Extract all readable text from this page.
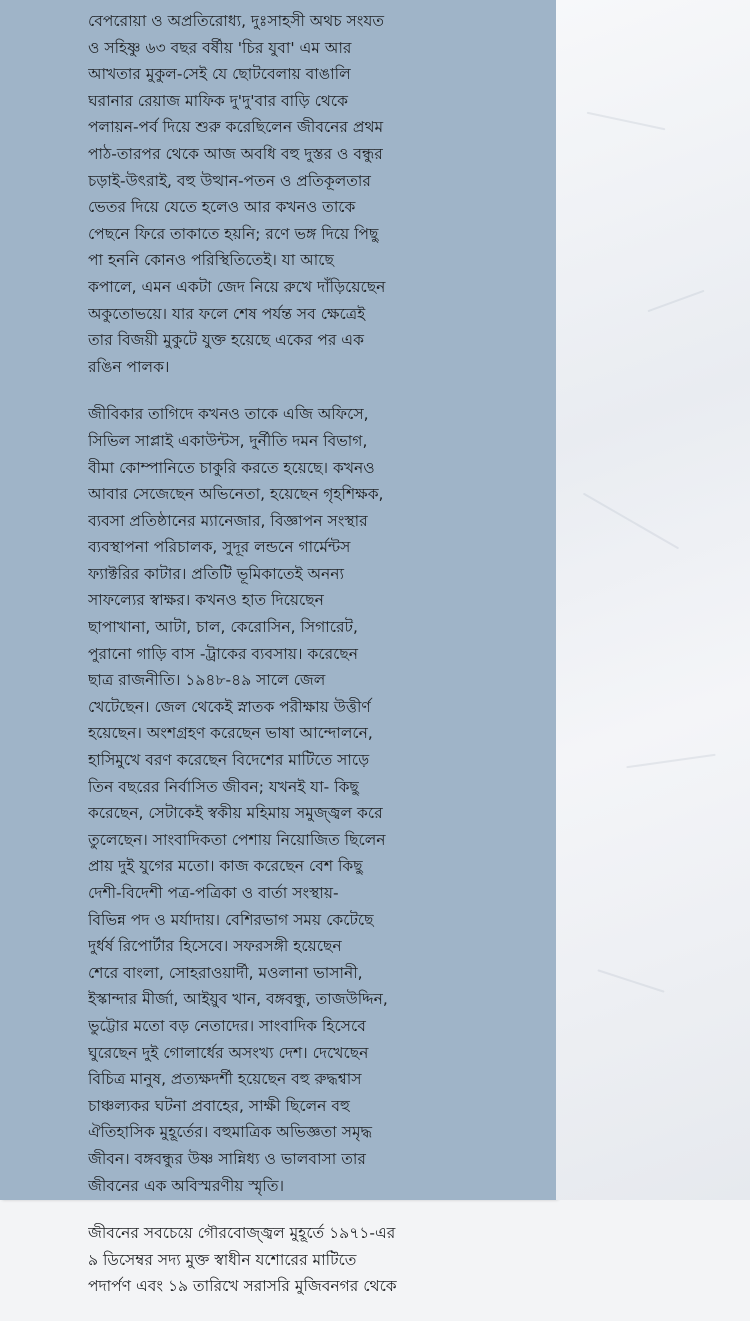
বেপরোয়া ও অপ্রতিরোধ্য, দুঃসাহসী অথচ সংযত
ও সহিষ্ণু ৬৩ বছর বর্ষীয় 'চির যুবা' এম আর
আখতার মুকুল-সেই যে ছোটবেলায় বাঙালি
ঘরানার রেয়াজ মাফিক দু'দু'বার বাড়ি থেকে
পলায়ন-পর্ব দিয়ে শুরু করেছিলেন জীবনের প্রথম
পাঠ-তারপর থেকে আজ অবধি বহু দুস্তর ও বন্ধুর
চড়াই-উৎরাই, বহু উত্থান-পতন ও প্রতিকূলতার
ভেতর দিয়ে যেতে হলেও আর কখনও তাকে
পেছনে ফিরে তাকাতে হয়নি; রণে ভঙ্গ দিয়ে পিছু
পা হননি কোনও পরিস্থিতিতেই। যা আছে
কপালে, এমন একটা জেদ নিয়ে রুখে দাঁড়িয়েছেন
অকুতোভয়ে। যার ফলে শেষ পর্যন্ত সব ক্ষেত্রেই
তার বিজয়ী মুকুটে যুক্ত হয়েছে একের পর এক
রঙিন পালক।
জীবিকার তাগিদে কখনও তাকে এজি অফিসে,
সিভিল সাপ্লাই একাউন্টস, দুর্নীতি দমন বিভাগ,
বীমা কোম্পানিতে চাকুরি করতে হয়েছে। কখনও
আবার সেজেছেন অভিনেতা, হয়েছেন গৃহশিক্ষক,
ব্যবসা প্রতিষ্ঠানের ম্যানেজার, বিজ্ঞাপন সংস্থার
ব্যবস্থাপনা পরিচালক, সুদূর লন্ডনে গার্মেন্টস
ফ্যাক্টরির কাটার। প্রতিটি ভূমিকাতেই অনন্য
সাফল্যের স্বাক্ষর। কখনও হাত দিয়েছেন
ছাপাখানা, আটা, চাল, কেরোসিন, সিগারেট,
পুরানো গাড়ি বাস -ট্রাকের ব্যবসায়। করেছেন
ছাত্র রাজনীতি। ১৯৪৮-৪৯ সালে জেল
খেটেছেন। জেল থেকেই স্নাতক পরীক্ষায় উত্তীর্ণ
হয়েছেন। অংশগ্রহণ করেছেন ভাষা আন্দোলনে,
হাসিমুখে বরণ করেছেন বিদেশের মাটিতে সাড়ে
তিন বছরের নির্বাসিত জীবন; যখনই যা- কিছু
করেছেন, সেটাকেই স্বকীয় মহিমায় সমুজ্জ্বল করে
তুলেছেন। সাংবাদিকতা পেশায় নিয়োজিত ছিলেন
প্রায় দুই যুগের মতো। কাজ করেছেন বেশ কিছু
দেশী-বিদেশী পত্র-পত্রিকা ও বার্তা সংস্থায়-
বিভিন্ন পদ ও মর্যাদায়। বেশিরভাগ সময় কেটেছে
দুর্ধর্ষ রিপোর্টার হিসেবে। সফরসঙ্গী হয়েছেন
শেরে বাংলা, সোহরাওয়ার্দী, মওলানা ভাসানী,
ইস্কান্দার মীর্জা, আইয়ুব খান, বঙ্গবন্ধু, তাজউদ্দিন,
ভুট্টোর মতো বড় নেতাদের। সাংবাদিক হিসেবে
ঘুরেছেন দুই গোলার্ধের অসংখ্য দেশ। দেখেছেন
বিচিত্র মানুষ, প্রত্যক্ষদর্শী হয়েছেন বহু রুদ্ধশ্বাস
চাঞ্চল্যকর ঘটনা প্রবাহের, সাক্ষী ছিলেন বহু
ঐতিহাসিক মুহূর্তের। বহুমাত্রিক অভিজ্ঞতা সমৃদ্ধ
জীবন। বঙ্গবন্ধুর উষ্ণ সান্নিধ্য ও ভালবাসা তার
জীবনের এক অবিস্মরণীয় স্মৃতি।
জীবনের সবচেয়ে গৌরবোজ্জ্বল মুহূর্তে ১৯৭১-এর
৯ ডিসেম্বর সদ্য মুক্ত স্বাধীন যশোরের মাটিতে
পদার্পণ এবং ১৯ তারিখে সরাসরি মুজিবনগর থেকে
